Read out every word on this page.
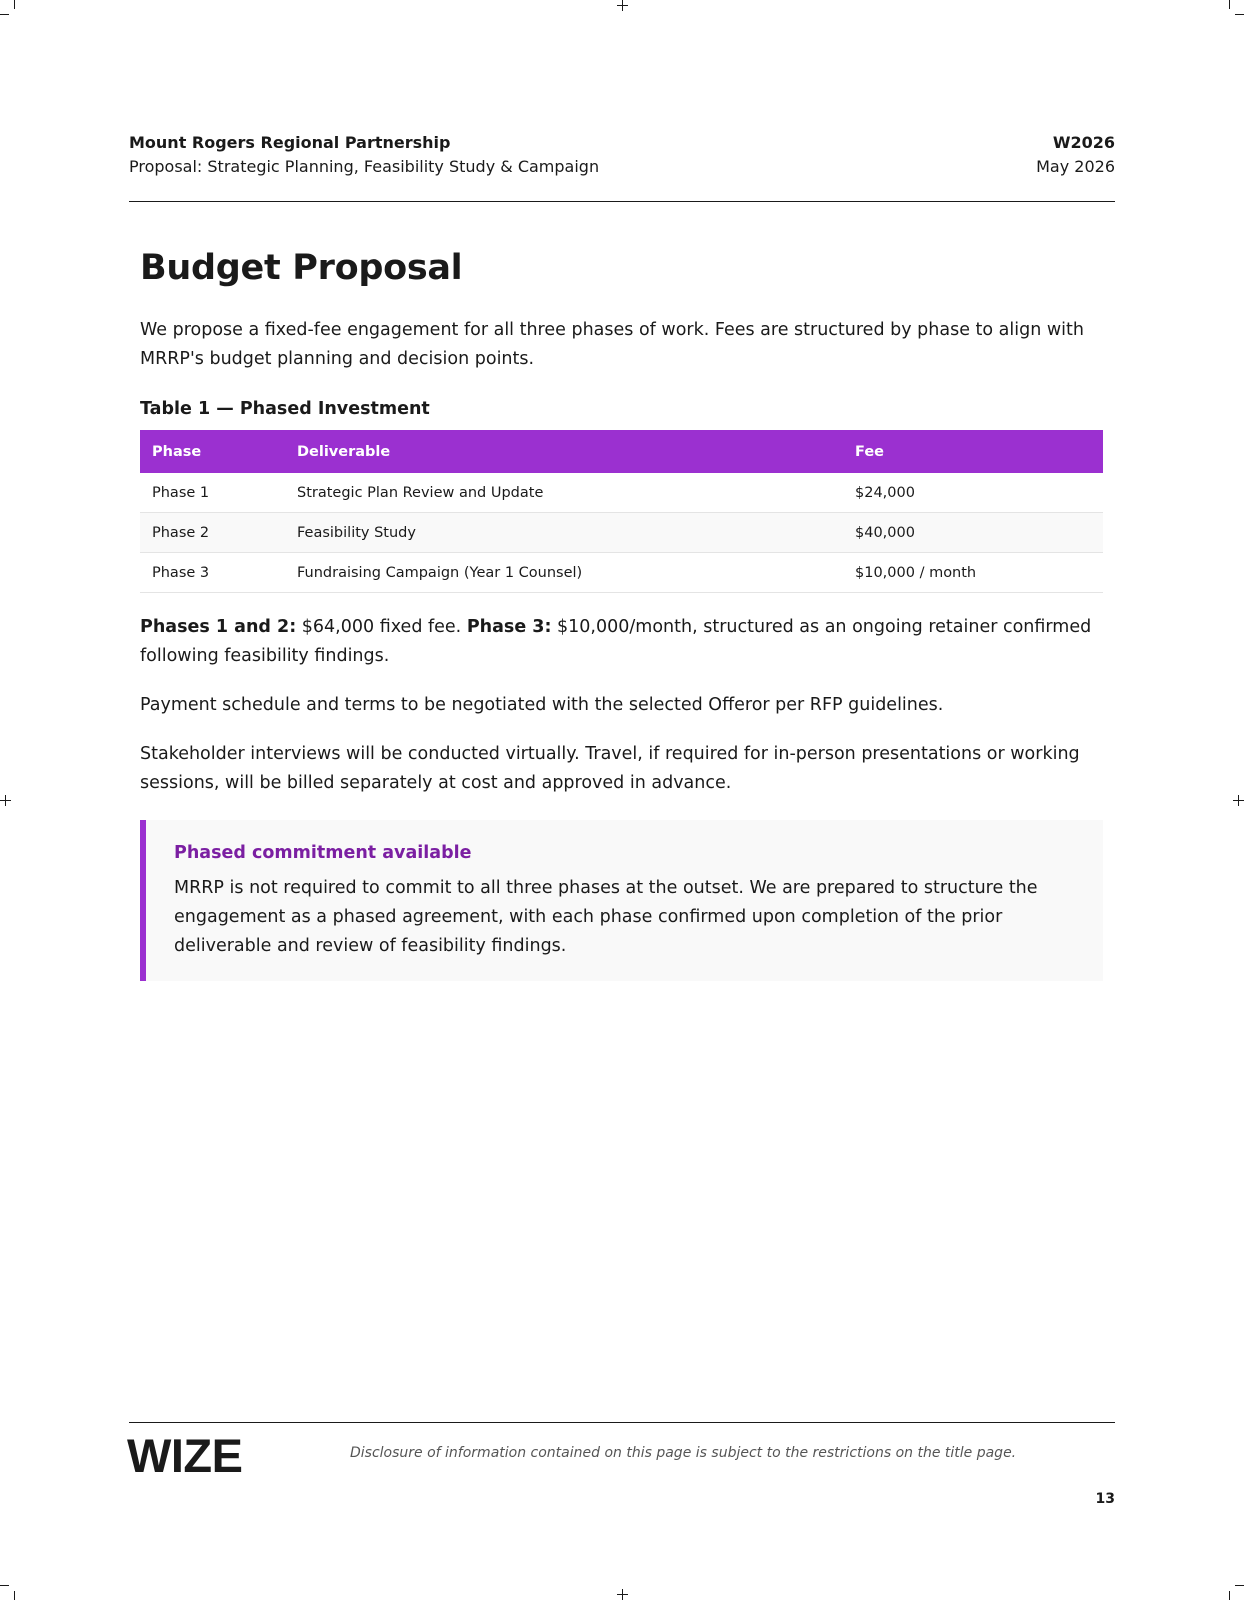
Mount Rogers Regional Partnership
Proposal: Strategic Planning, Feasibility Study & Campaign
W2026
May 2026
Budget Proposal

We propose a fixed-fee engagement for all three phases of work. Fees are structured by phase to align with MRRP's budget planning and decision points.

Table 1 — Phased Investment
Phase	Deliverable	Fee
Phase 1	Strategic Plan Review and Update	$24,000
Phase 2	Feasibility Study	$40,000
Phase 3	Fundraising Campaign (Year 1 Counsel)	$10,000 / month

Phases 1 and 2: $64,000 fixed fee. Phase 3: $10,000/month, structured as an ongoing retainer confirmed following feasibility findings.

Payment schedule and terms to be negotiated with the selected Offeror per RFP guidelines.

Stakeholder interviews will be conducted virtually. Travel, if required for in-person presentations or working sessions, will be billed separately at cost and approved in advance.

Phased commitment available

MRRP is not required to commit to all three phases at the outset. We are prepared to structure the engagement as a phased agreement, with each phase confirmed upon completion of the prior deliverable and review of feasibility findings.

WIZE	Disclosure of information contained on this page is subject to the restrictions on the title page.
13
